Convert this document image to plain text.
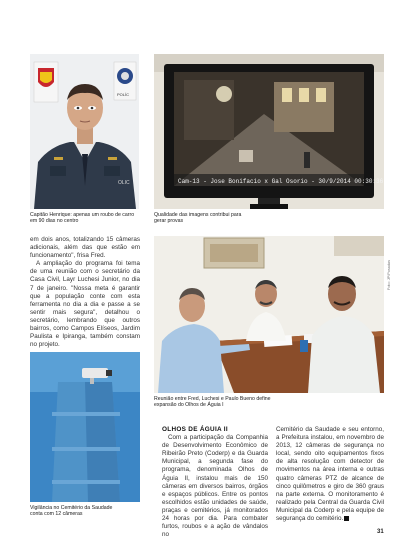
POLÍC
OLIC
Capitão Henrique: apenas um roubo de carro em 90 dias no centro
Cam-13 - Jose Bonifacio x Gal Osorio - 30/9/2014 00:30:36
Qualidade das imagens contribui para gerar provas

em dois anos, totalizando 15 câmeras adicionais, além das que estão em funcionamento", frisa Fred.

A ampliação do programa foi tema de uma reunião com o secretário da Casa Civil, Layr Luchesi Junior, no dia 7 de janeiro. "Nossa meta é garantir que a população conte com esta ferramenta no dia a dia e passe a se sentir mais segura", detalhou o secretário, lembrando que outros bairros, como Campos Elíseos, Jardim Paulista e Ipiranga, também constam no projeto.

Foto: JP/Posadas
Reunião entre Fred, Luchesi e Paulo Bueno define expansão do Olhos de Águia I
Vigilância no Cemitério da Saudade conta com 12 câmeras

OLHOS DE ÁGUIA II

Com a participação da Companhia de Desenvolvimento Econômico de Ribeirão Preto (Coderp) e da Guarda Municipal, a segunda fase do programa, denominada Olhos de Águia II, instalou mais de 150 câmeras em diversos bairros, órgãos e espaços públicos. Entre os pontos escolhidos estão unidades de saúde, praças e cemitérios, já monitorados 24 horas por dia. Para combater furtos, roubos e a ação de vândalos no

Cemitério da Saudade e seu entorno, a Prefeitura instalou, em novembro de 2013, 12 câmeras de segurança no local, sendo oito equipamentos fixos de alta resolução com detector de movimentos na área interna e outras quatro câmeras PTZ de alcance de cinco quilômetros e giro de 360 graus na parte externa. O monitoramento é realizado pela Central da Guarda Civil Municipal da Coderp e pela equipe de segurança do cemitério.

31
